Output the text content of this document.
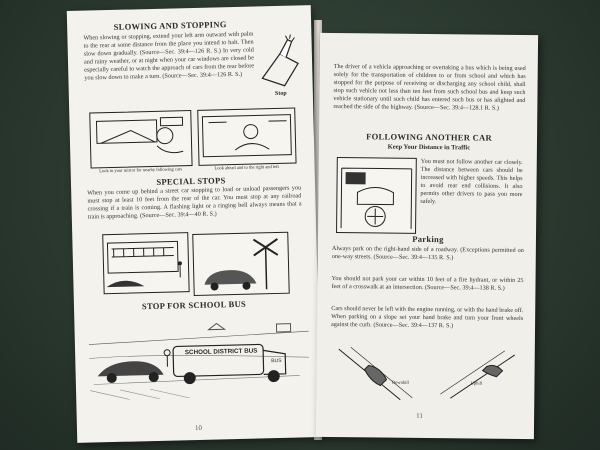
SLOWING AND STOPPING
When slowing or stopping, extend your left arm outward with palm to the rear at some distance from the place you intend to halt. Then slow down gradually. (Source—Sec. 39:4—126 R. S.) In very cold and rainy weather, or at night when your car windows are closed be especially careful to watch the approach of cars from the rear before you slow down to make a turn. (Source—Sec. 39:4—126 R. S.)
Stop
Look in your mirror for nearby following cars	Look ahead and to the right and left
SPECIAL STOPS
When you come up behind a street car stopping to load or unload passengers you must stop at least 10 feet from the rear of the car. You must stop at any railroad crossing if a train is coming. A flashing light or a ringing bell always means that a train is approaching. (Source—Sec. 39:4—40 R. S.)
STOP FOR SCHOOL BUS
SCHOOL DISTRICT BUS
BUS
10
The driver of a vehicle approaching or overtaking a bus which is being used solely for the transportation of children to or from school and which has stopped for the purpose of receiving or discharging any school child, shall stop such vehicle not less than ten feet from such school bus and keep such vehicle stationary until such child has entered such bus or has alighted and reached the side of the highway. (Source—Sec. 39:4—128.1 R. S.)
FOLLOWING ANOTHER CAR
Keep Your Distance in Traffic
You must not follow another car closely. The distance between cars should be increased with higher speeds. This helps to avoid rear end collisions. It also permits other drivers to pass you more safely.
Parking
Always park on the right-hand side of a roadway. (Exceptions permitted on one-way streets. (Source—Sec. 39:4—135 R. S.)
You should not park your car within 10 feet of a fire hydrant, or within 25 feet of a crosswalk at an intersection. (Source—Sec. 39:4—138 R. S.)
Cars should never be left with the engine running, or with the hand brake off. When parking on a slope set your hand brake and turn your front wheels against the curb. (Source—Sec. 39:4—137 R. S.)
Downhill	Uphill
11
